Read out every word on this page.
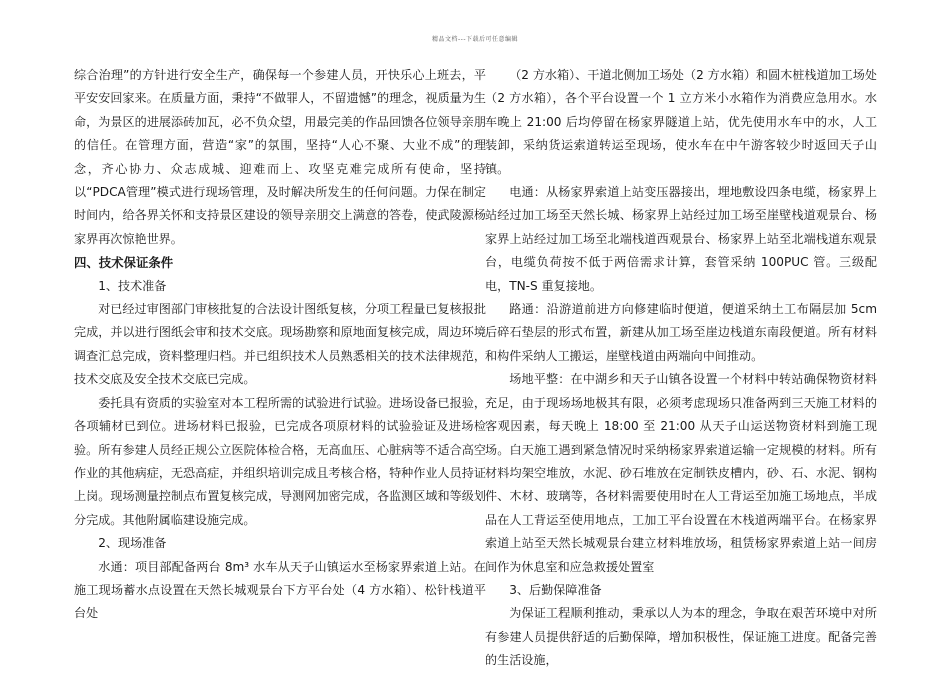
精品文档---下载后可任意编辑

综合治理”的方针进行安全生产，确保每一个参建人员，开快乐心上班去，平平安安回家来。在质量方面，秉持“不做罪人，不留遗憾”的理念，视质量为生命，为景区的进展添砖加瓦，必不负众望，用最完美的作品回馈各位领导亲朋的信任。在管理方面，营造“家”的氛围，坚持“人心不聚、大业不成”的理念，齐心协力、众志成城、迎难而上、攻坚克难完成所有使命，坚持以“PDCA管理”模式进行现场管理，及时解决所发生的任何问题。力保在制定时间内，给各界关怀和支持景区建设的领导亲朋交上满意的答卷，使武陵源杨家界再次惊艳世界。

四、技术保证条件

1、技术准备

对已经过审图部门审核批复的合法设计图纸复核，分项工程量已复核报批完成，并以进行图纸会审和技术交底。现场勘察和原地面复核完成，周边环境调查汇总完成，资料整理归档。并已组织技术人员熟悉相关的技术法律规范，技术交底及安全技术交底已完成。

委托具有资质的实验室对本工程所需的试验进行试验。进场设备已报验，各项辅材已到位。进场材料已报验，已完成各项原材料的试验验证及进场检验。所有参建人员经正规公立医院体检合格，无高血压、心脏病等不适合高空作业的其他病症，无恐高症，并组织培训完成且考核合格，特种作业人员持证上岗。现场测量控制点布置复核完成，导测网加密完成，各监测区域和等级划分完成。其他附属临建设施完成。

2、现场准备

水通：项目部配备两台 8m³ 水车从天子山镇运水至杨家界索道上站。在施工现场蓄水点设置在天然长城观景台下方平台处（4 方水箱）、松针栈道平台处

（2 方水箱）、干道北侧加工场处（2 方水箱）和圆木桩栈道加工场处（2 方水箱），各个平台设置一个 1 立方米小水箱作为消费应急用水。水车晚上 21:00 后均停留在杨家界隧道上站，优先使用水车中的水，人工装卸，采纳货运索道转运至现场，使水车在中午游客较少时返回天子山镇。

电通：从杨家界索道上站变压器接出，埋地敷设四条电缆，杨家界上站经过加工场至天然长城、杨家界上站经过加工场至崖壁栈道观景台、杨家界上站经过加工场至北端栈道西观景台、杨家界上站至北端栈道东观景台，电缆负荷按不低于两倍需求计算，套管采纳 100PUC 管。三级配电，TN-S 重复接地。

路通：沿游道前进方向修建临时便道，便道采纳土工布隔层加 5cm 后碎石垫层的形式布置，新建从加工场至崖边栈道东南段便道。所有材料和构件采纳人工搬运，崖壁栈道由两端向中间推动。

场地平整：在中湖乡和天子山镇各设置一个材料中转站确保物资材料充足，由于现场场地极其有限，必须考虑现场只准备两到三天施工材料的客观因素，每天晚上 18:00 至 21:00 从天子山运送物资材料到施工现场。白天施工遇到紧急情况时采纳杨家界索道运输一定规模的材料。所有材料均架空堆放，水泥、砂石堆放在定制铁皮槽内，砂、石、水泥、钢构件、木材、玻璃等，各材料需要使用时在人工背运至加施工场地点，半成品在人工背运至使用地点，工加工平台设置在木栈道两端平台。在杨家界索道上站至天然长城观景台建立材料堆放场，租赁杨家界索道上站一间房间作为休息室和应急救援处置室

3、后勤保障准备

为保证工程顺利推动，秉承以人为本的理念，争取在艰苦环境中对所有参建人员提供舒适的后勤保障，增加积极性，保证施工进度。配备完善的生活设施，
